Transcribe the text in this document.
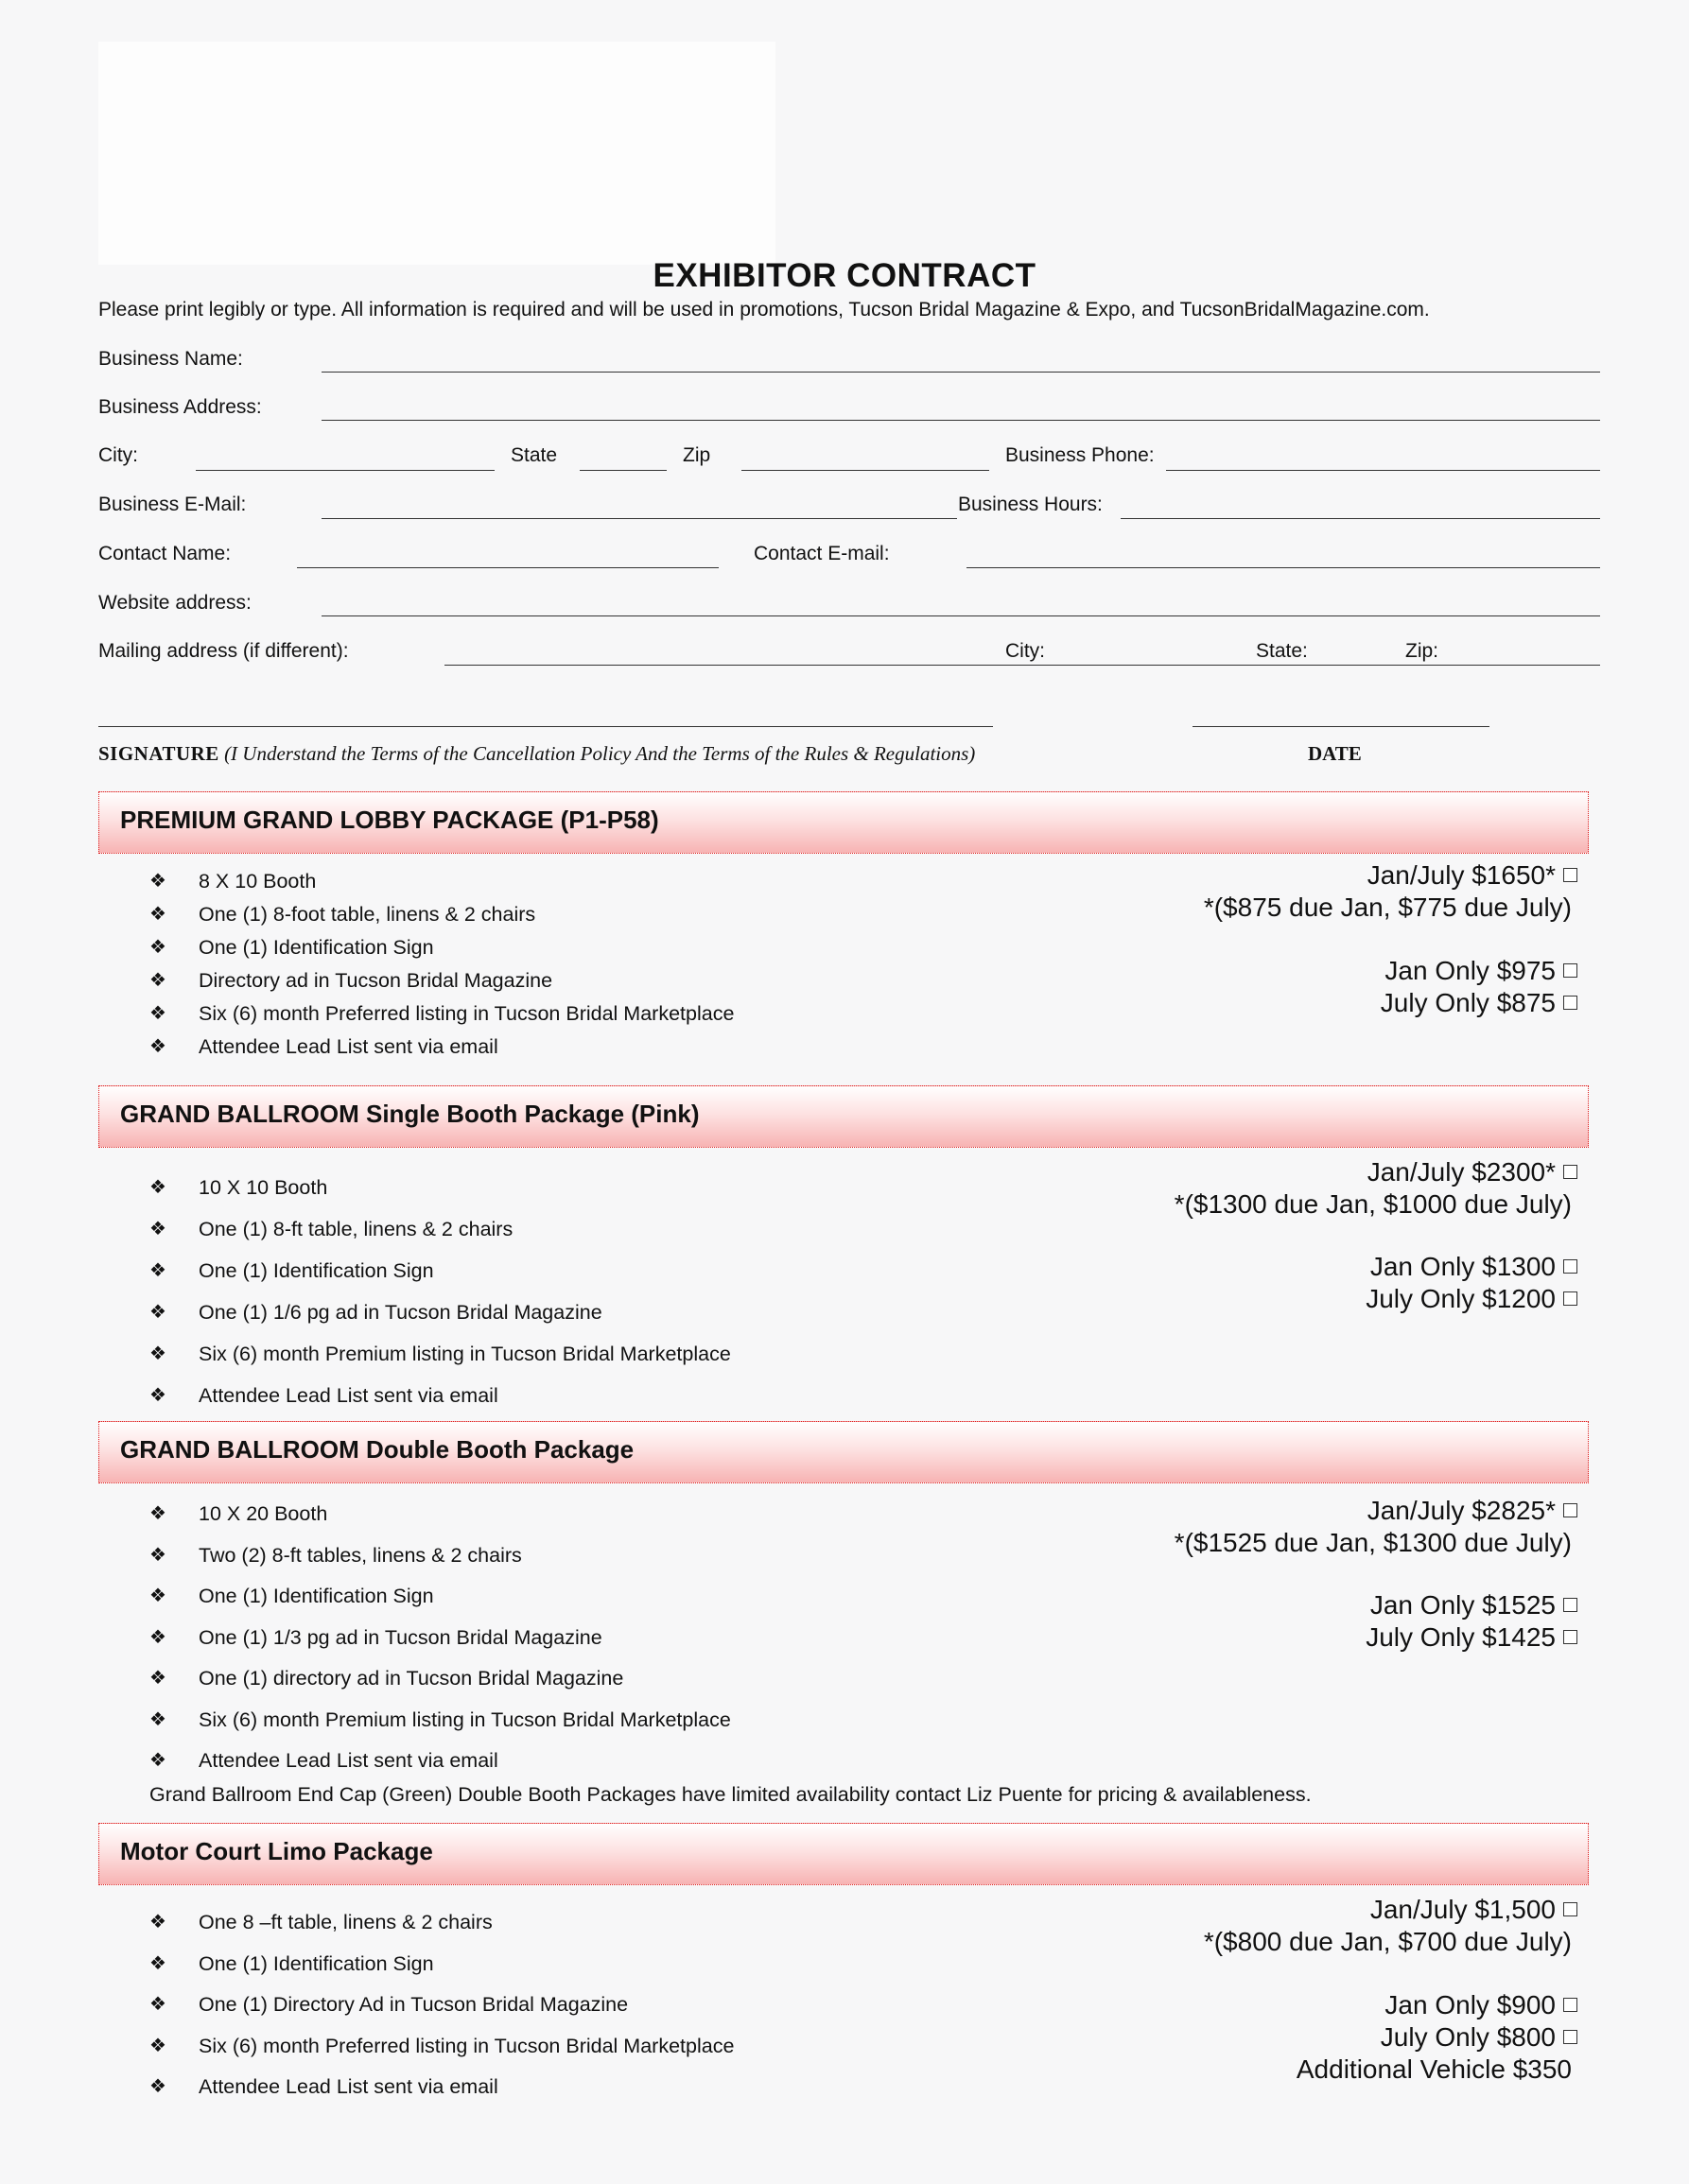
EXHIBITOR CONTRACT
Please print legibly or type. All information is required and will be used in promotions, Tucson Bridal Magazine & Expo, and TucsonBridalMagazine.com.
Business Name:
Business Address:
City:	State	Zip	Business Phone:
Business E-Mail:	Business Hours:
Contact Name:	Contact E-mail:
Website address:
Mailing address (if different):	City:	State:	Zip:
SIGNATURE (I Understand the Terms of the Cancellation Policy And the Terms of the Rules & Regulations)	DATE
PREMIUM GRAND LOBBY PACKAGE (P1-P58)
❖ 8 X 10 Booth
❖ One (1) 8-foot table, linens & 2 chairs
❖ One (1) Identification Sign
❖ Directory ad in Tucson Bridal Magazine
❖ Six (6) month Preferred listing in Tucson Bridal Marketplace
❖ Attendee Lead List sent via email
Jan/July $1650*
*($875 due Jan, $775 due July)
Jan Only $975
July Only $875
GRAND BALLROOM Single Booth Package (Pink)
❖ 10 X 10 Booth
❖ One (1) 8-ft table, linens & 2 chairs
❖ One (1) Identification Sign
❖ One (1) 1/6 pg ad in Tucson Bridal Magazine
❖ Six (6) month Premium listing in Tucson Bridal Marketplace
❖ Attendee Lead List sent via email
Jan/July $2300*
*($1300 due Jan, $1000 due July)
Jan Only $1300
July Only $1200
GRAND BALLROOM Double Booth Package
❖ 10 X 20 Booth
❖ Two (2) 8-ft tables, linens & 2 chairs
❖ One (1) Identification Sign
❖ One (1) 1/3 pg ad in Tucson Bridal Magazine
❖ One (1) directory ad in Tucson Bridal Magazine
❖ Six (6) month Premium listing in Tucson Bridal Marketplace
❖ Attendee Lead List sent via email
Jan/July $2825*
*($1525 due Jan, $1300 due July)
Jan Only $1525
July Only $1425
Grand Ballroom End Cap (Green) Double Booth Packages have limited availability contact Liz Puente for pricing & availableness.
Motor Court Limo Package
❖ One 8 –ft table, linens & 2 chairs
❖ One (1) Identification Sign
❖ One (1) Directory Ad in Tucson Bridal Magazine
❖ Six (6) month Preferred listing in Tucson Bridal Marketplace
❖ Attendee Lead List sent via email
Jan/July $1,500
*($800 due Jan, $700 due July)
Jan Only $900
July Only $800
Additional Vehicle $350
